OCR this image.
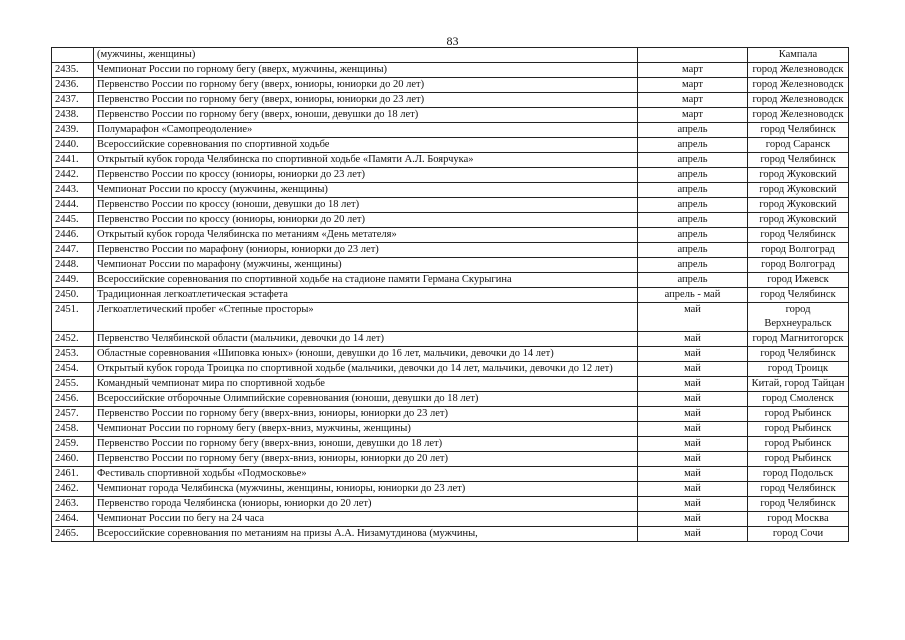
83
	(мужчины, женщины)		Кампала
2435.	Чемпионат России по горному бегу (вверх, мужчины, женщины)	март	город Железноводск
2436.	Первенство России по горному бегу (вверх, юниоры, юниорки до 20 лет)	март	город Железноводск
2437.	Первенство России по горному бегу (вверх, юниоры, юниорки до 23 лет)	март	город Железноводск
2438.	Первенство России по горному бегу (вверх, юноши, девушки до 18 лет)	март	город Железноводск
2439.	Полумарафон «Самопреодоление»	апрель	город Челябинск
2440.	Всероссийские соревнования по спортивной ходьбе	апрель	город Саранск
2441.	Открытый кубок города Челябинска по спортивной ходьбе «Памяти А.Л. Боярчука»	апрель	город Челябинск
2442.	Первенство России по кроссу (юниоры, юниорки до 23 лет)	апрель	город Жуковский
2443.	Чемпионат России по кроссу (мужчины, женщины)	апрель	город Жуковский
2444.	Первенство России по кроссу (юноши, девушки до 18 лет)	апрель	город Жуковский
2445.	Первенство России по кроссу (юниоры, юниорки до 20 лет)	апрель	город Жуковский
2446.	Открытый кубок города Челябинска по метаниям «День метателя»	апрель	город Челябинск
2447.	Первенство России по марафону (юниоры, юниорки до 23 лет)	апрель	город Волгоград
2448.	Чемпионат России по марафону (мужчины, женщины)	апрель	город Волгоград
2449.	Всероссийские соревнования по спортивной ходьбе на стадионе памяти Германа Скурыгина	апрель	город Ижевск
2450.	Традиционная легкоатлетическая эстафета	апрель - май	город Челябинск
2451.	Легкоатлетический пробег «Степные просторы»	май	город Верхнеуральск
2452.	Первенство Челябинской области (мальчики, девочки до 14 лет)	май	город Магнитогорск
2453.	Областные соревнования «Шиповка юных» (юноши, девушки до 16 лет, мальчики, девочки до 14 лет)	май	город Челябинск
2454.	Открытый кубок города Троицка по спортивной ходьбе (мальчики, девочки до 14 лет, мальчики, девочки до 12 лет)	май	город Троицк
2455.	Командный чемпионат мира по спортивной ходьбе	май	Китай, город Тайцан
2456.	Всероссийские отборочные Олимпийские соревнования (юноши, девушки до 18 лет)	май	город Смоленск
2457.	Первенство России по горному бегу (вверх-вниз, юниоры, юниорки до 23 лет)	май	город Рыбинск
2458.	Чемпионат России по горному бегу (вверх-вниз, мужчины, женщины)	май	город Рыбинск
2459.	Первенство России по горному бегу (вверх-вниз, юноши, девушки до 18 лет)	май	город Рыбинск
2460.	Первенство России по горному бегу (вверх-вниз, юниоры, юниорки до 20 лет)	май	город Рыбинск
2461.	Фестиваль спортивной ходьбы «Подмосковье»	май	город Подольск
2462.	Чемпионат города Челябинска (мужчины, женщины, юниоры, юниорки до 23 лет)	май	город Челябинск
2463.	Первенство города Челябинска (юниоры, юниорки до 20 лет)	май	город Челябинск
2464.	Чемпионат России по бегу на 24 часа	май	город Москва
2465.	Всероссийские соревнования по метаниям на призы А.А. Низамутдинова (мужчины,	май	город Сочи
